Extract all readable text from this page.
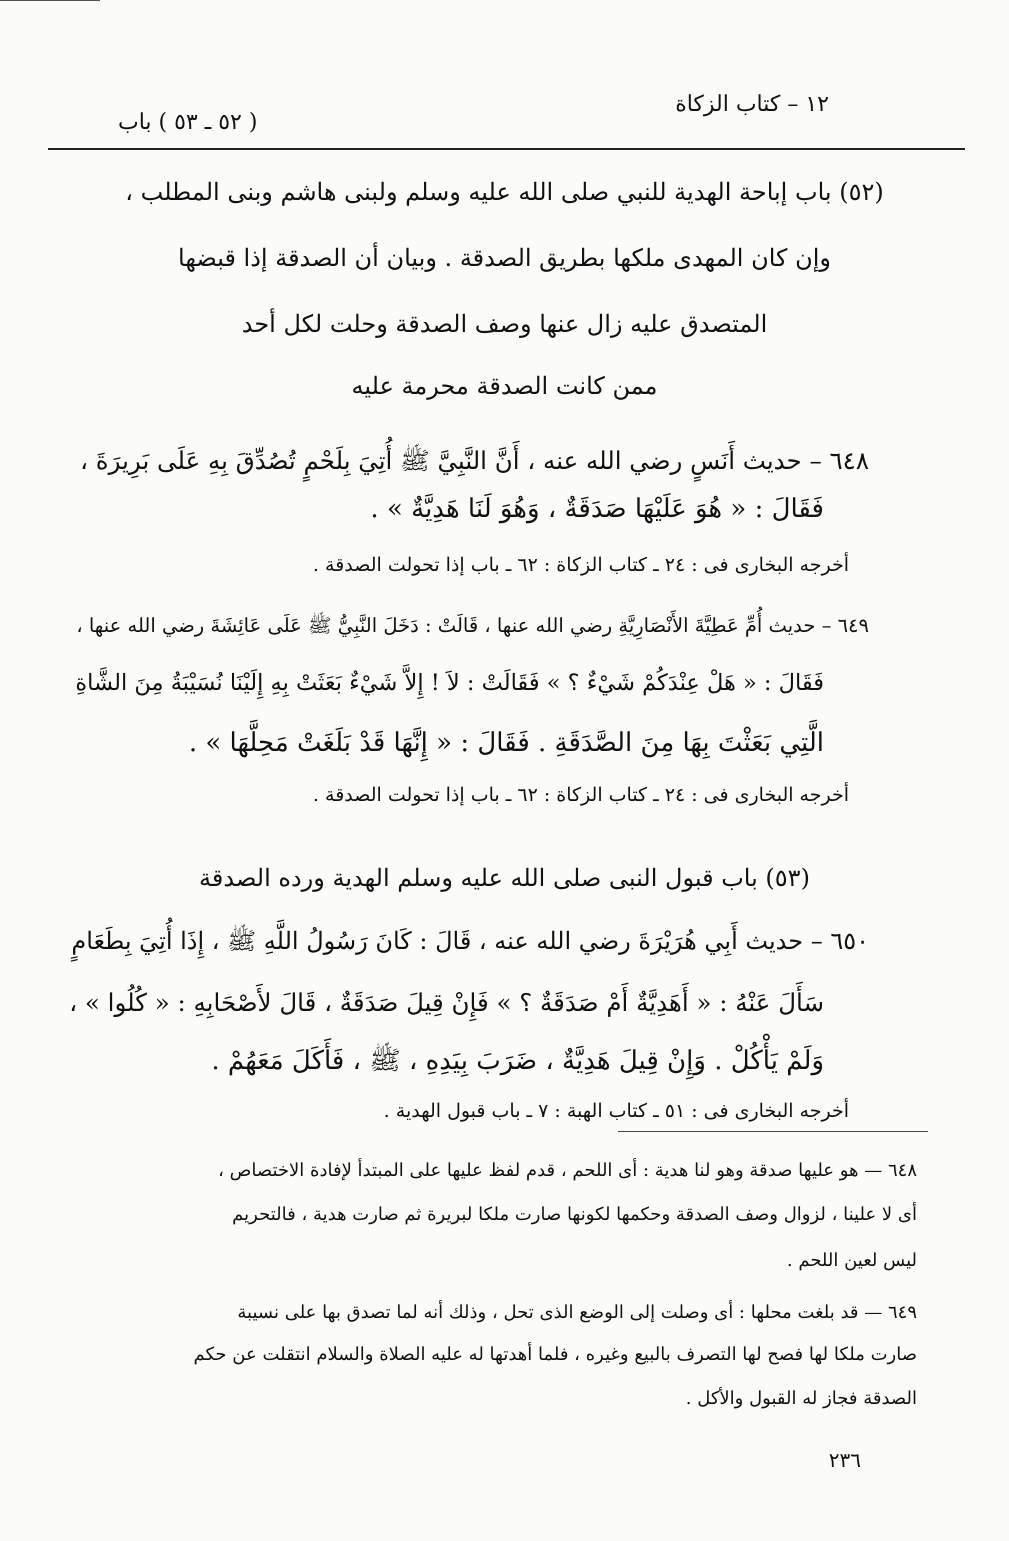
١٢ – كتاب الزكاة
( ٥٢ ـ ٥٣ ) باب
(٥٢) باب إباحة الهدية للنبي صلى الله عليه وسلم ولبنى هاشم وبنى المطلب ،
وإن كان المهدى ملكها بطريق الصدقة . وبيان أن الصدقة إذا قبضها
المتصدق عليه زال عنها وصف الصدقة وحلت لكل أحد
ممن كانت الصدقة محرمة عليه
٦٤٨ – حديث أَنَسٍ رضي الله عنه ، أَنَّ النَّبِيَّ ﷺ أُتِيَ بِلَحْمٍ تُصُدِّقَ بِهِ عَلَى بَرِيرَةَ ،
فَقَالَ : « هُوَ عَلَيْهَا صَدَقَةٌ ، وَهُوَ لَنَا هَدِيَّةٌ » .
أخرجه البخارى فى : ٢٤ ـ كتاب الزكاة : ٦٢ ـ باب إذا تحولت الصدقة .
٦٤٩ – حديث أُمِّ عَطِيَّةَ الأَنْصَارِيَّةِ رضي الله عنها ، قَالَتْ : دَخَلَ النَّبِيُّ ﷺ عَلَى عَائِشَةَ رضي الله عنها ،
فَقَالَ : « هَلْ عِنْدَكُمْ شَيْءٌ ؟ » فَقَالَتْ : لاَ ! إِلاَّ شَيْءٌ بَعَثَتْ بِهِ إِلَيْنَا نُسَيْبَةُ مِنَ الشَّاةِ
الَّتِي بَعَثْتَ بِهَا مِنَ الصَّدَقَةِ . فَقَالَ : « إِنَّهَا قَدْ بَلَغَتْ مَحِلَّهَا » .
أخرجه البخارى فى : ٢٤ ـ كتاب الزكاة : ٦٢ ـ باب إذا تحولت الصدقة .
(٥٣) باب قبول النبى صلى الله عليه وسلم الهدية ورده الصدقة
٦٥٠ – حديث أَبِي هُرَيْرَةَ رضي الله عنه ، قَالَ : كَانَ رَسُولُ اللَّهِ ﷺ ، إِذَا أُتِيَ بِطَعَامٍ
سَأَلَ عَنْهُ : « أَهَدِيَّةٌ أَمْ صَدَقَةٌ ؟ » فَإِنْ قِيلَ صَدَقَةٌ ، قَالَ لأَصْحَابِهِ : « كُلُوا » ،
وَلَمْ يَأْكُلْ . وَإِنْ قِيلَ هَدِيَّةٌ ، ضَرَبَ بِيَدِهِ ، ﷺ ، فَأَكَلَ مَعَهُمْ .
أخرجه البخارى فى : ٥١ ـ كتاب الهبة : ٧ ـ باب قبول الهدية .
٦٤٨ — هو عليها صدقة وهو لنا هدية : أى اللحم ، قدم لفظ عليها على المبتدأ لإفادة الاختصاص ،
أى لا علينا ، لزوال وصف الصدقة وحكمها لكونها صارت ملكا لبريرة ثم صارت هدية ، فالتحريم
ليس لعين اللحم .
٦٤٩ — قد بلغت محلها : أى وصلت إلى الوضع الذى تحل ، وذلك أنه لما تصدق بها على نسيبة
صارت ملكا لها فصح لها التصرف بالبيع وغيره ، فلما أهدتها له عليه الصلاة والسلام انتقلت عن حكم
الصدقة فجاز له القبول والأكل .
٢٣٦
